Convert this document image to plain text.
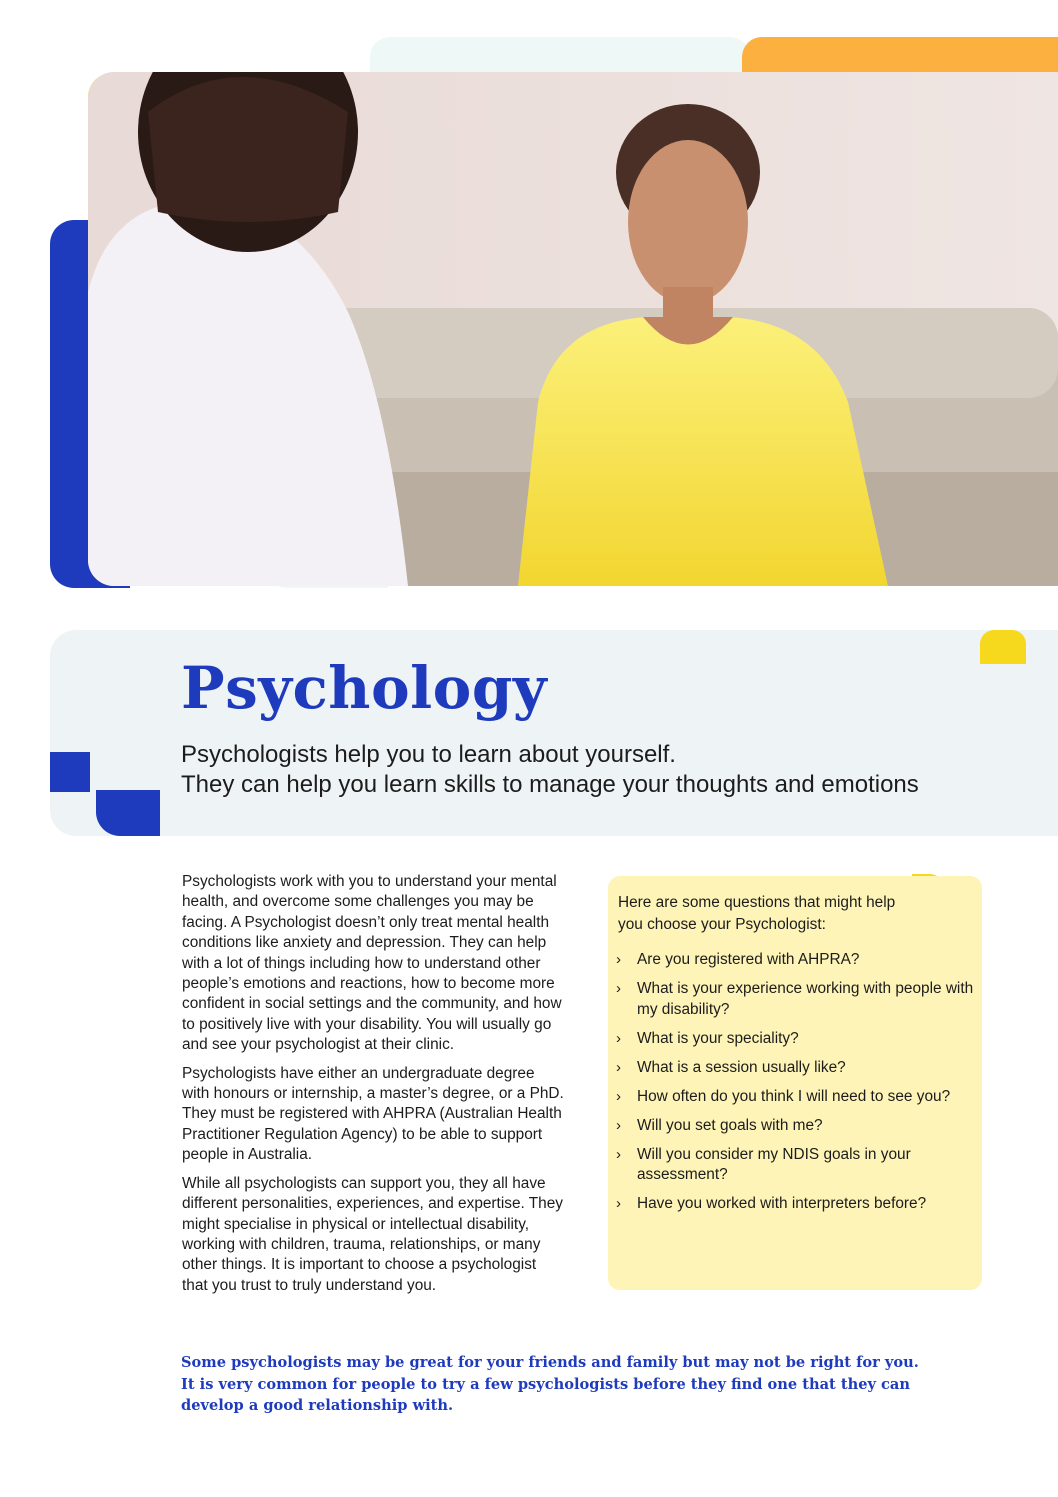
Psychology
Psychologists help you to learn about yourself.
They can help you learn skills to manage your thoughts and emotions

Psychologists work with you to understand your mental health, and overcome some challenges you may be facing. A Psychologist doesn’t only treat mental health conditions like anxiety and depression. They can help with a lot of things including how to understand other people’s emotions and reactions, how to become more confident in social settings and the community, and how to positively live with your disability. You will usually go and see your psychologist at their clinic.

Psychologists have either an undergraduate degree with honours or internship, a master’s degree, or a PhD. They must be registered with AHPRA (Australian Health Practitioner Regulation Agency) to be able to support people in Australia.

While all psychologists can support you, they all have different personalities, experiences, and expertise. They might specialise in physical or intellectual disability, working with children, trauma, relationships, or many other things. It is important to choose a psychologist that you trust to truly understand you.

Here are some questions that might help you choose your Psychologist:

› Are you registered with AHPRA?
› What is your experience working with people with my disability?
› What is your speciality?
› What is a session usually like?
› How often do you think I will need to see you?
› Will you set goals with me?
› Will you consider my NDIS goals in your assessment?
› Have you worked with interpreters before?

Some psychologists may be great for your friends and family but may not be right for you.
It is very common for people to try a few psychologists before they find one that they can
develop a good relationship with.
